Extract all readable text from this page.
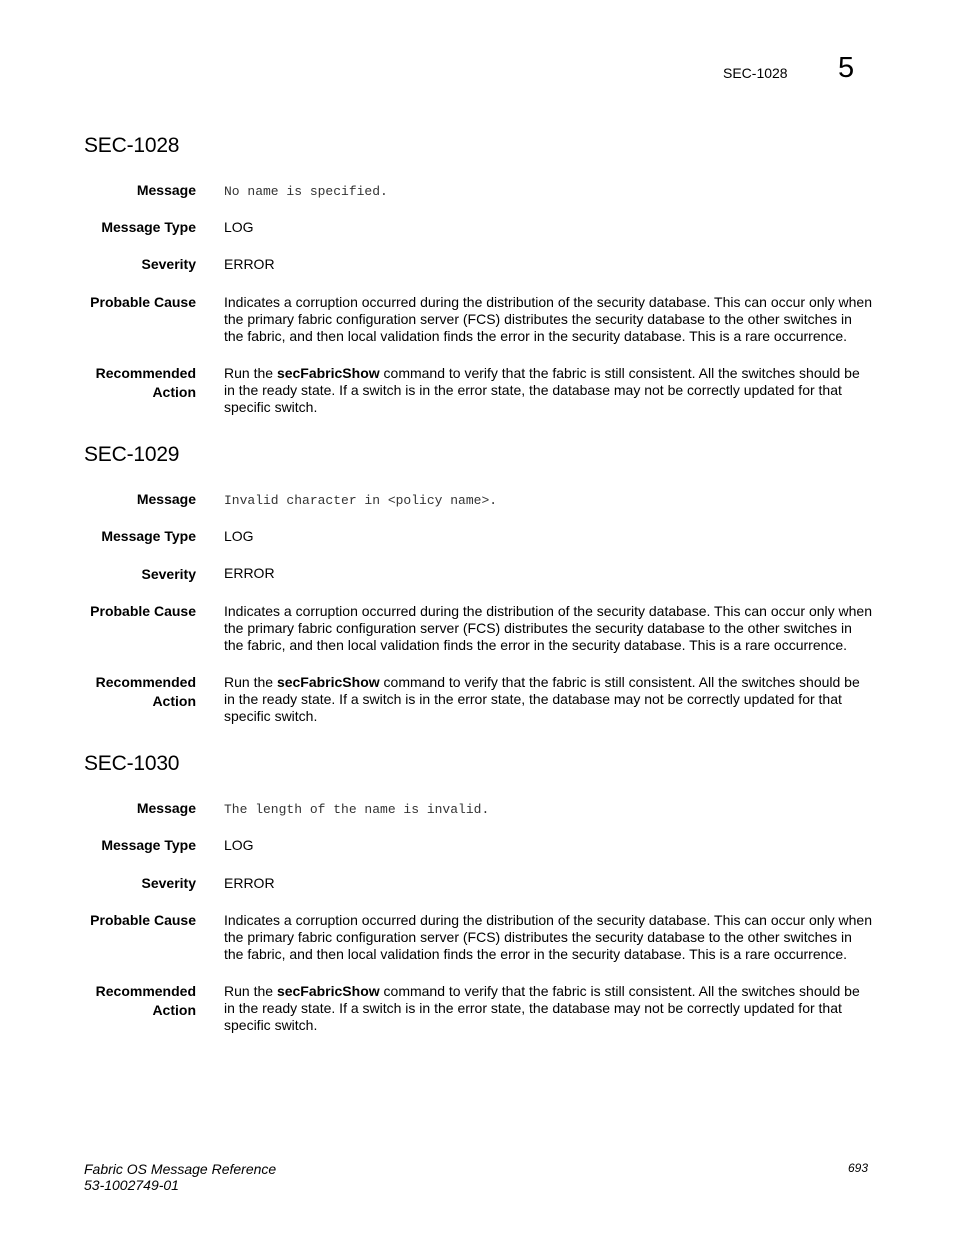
SEC-1028 5
SEC-1028
Message No name is specified.
Message Type LOG
Severity ERROR
Probable Cause Indicates a corruption occurred during the distribution of the security database. This can occur only when the primary fabric configuration server (FCS) distributes the security database to the other switches in the fabric, and then local validation finds the error in the security database. This is a rare occurrence.
Recommended
Action
Run the secFabricShow command to verify that the fabric is still consistent. All the switches should be in the ready state. If a switch is in the error state, the database may not be correctly updated for that specific switch.
SEC-1029
Message Invalid character in <policy name>.
Message Type LOG
Severity ERROR
Probable Cause Indicates a corruption occurred during the distribution of the security database. This can occur only when the primary fabric configuration server (FCS) distributes the security database to the other switches in the fabric, and then local validation finds the error in the security database. This is a rare occurrence.
Recommended
Action
Run the secFabricShow command to verify that the fabric is still consistent. All the switches should be in the ready state. If a switch is in the error state, the database may not be correctly updated for that specific switch.
SEC-1030
Message The length of the name is invalid.
Message Type LOG
Severity ERROR
Probable Cause Indicates a corruption occurred during the distribution of the security database. This can occur only when the primary fabric configuration server (FCS) distributes the security database to the other switches in the fabric, and then local validation finds the error in the security database. This is a rare occurrence.
Recommended
Action
Run the secFabricShow command to verify that the fabric is still consistent. All the switches should be in the ready state. If a switch is in the error state, the database may not be correctly updated for that specific switch.
Fabric OS Message Reference
53-1002749-01
693
